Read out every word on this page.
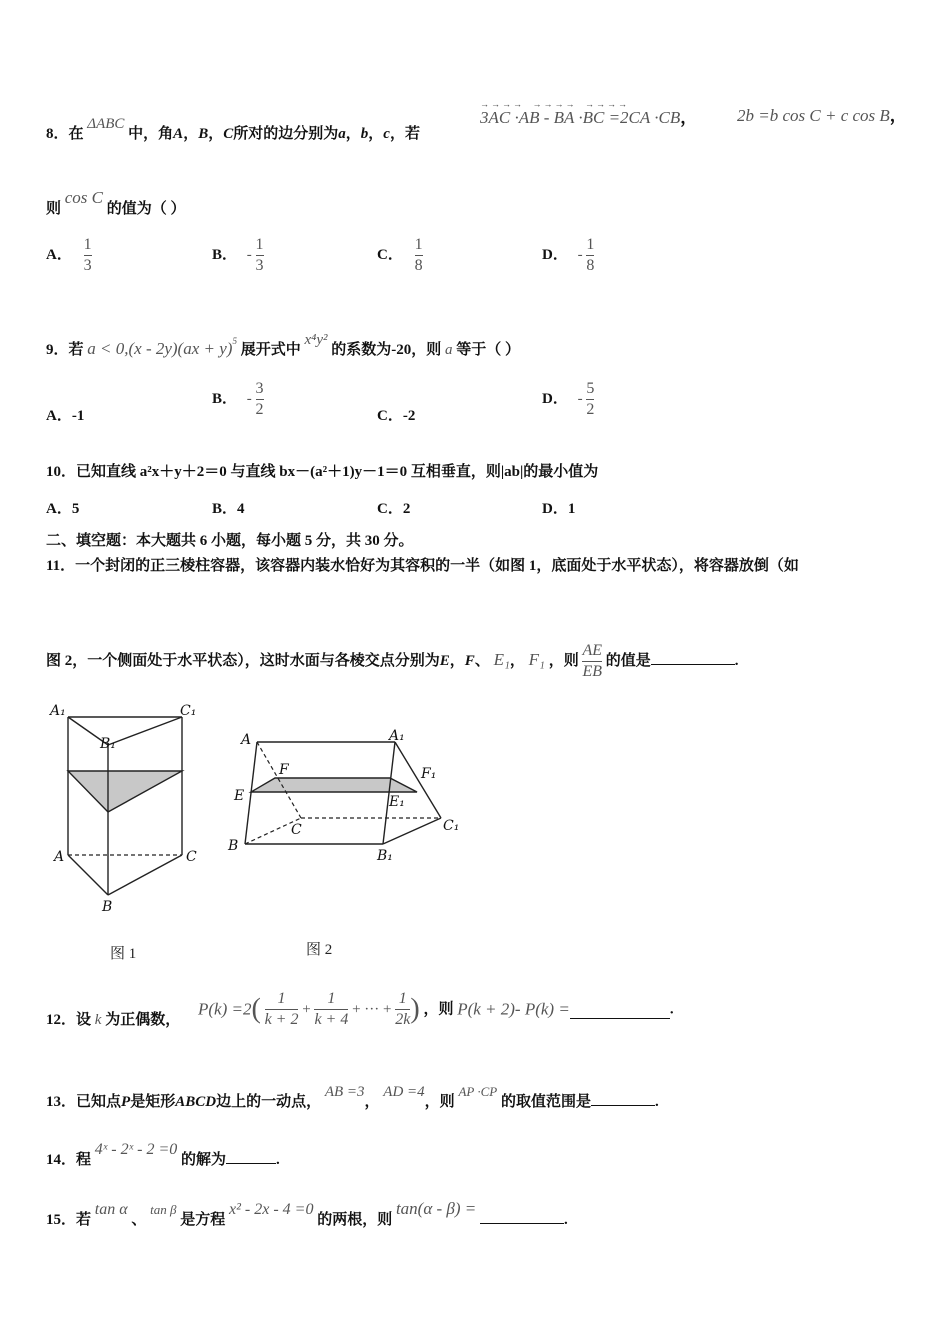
8．在 ΔABC 中，角A，B，C所对的边分别为a，b，c，若
→→→→  →→→→  →→→→
3AC ·AB - BA ·BC =2CA ·CB， 2b =b cos C + c cos B，
则 cos C 的值为（ ）
A． $\frac{1}{3}$	B． - $\frac{1}{3}$	C． $\frac{1}{8}$	D． - $\frac{1}{8}$
9．若 a < 0,(x - 2y)(ax + y)$^5$ 展开式中 x⁴y² 的系数为-20，则 a 等于（ ）
A．-1
B． - $\frac{3}{2}$	C．-2
D． - $\frac{5}{2}$
10．已知直线 a²x＋y＋2＝0 与直线 bx－(a²＋1)y－1＝0 互相垂直，则|ab|的最小值为
A．5	B．4	C．2	D．1
二、填空题：本大题共 6 小题，每小题 5 分，共 30 分。
11．一个封闭的正三棱柱容器，该容器内装水恰好为其容积的一半（如图 1，底面处于水平状态），将容器放倒（如
图 2，一个侧面处于水平状态），这时水面与各棱交点分别为E，F、 E₁， F₁ ，则 $\frac{AE}{EB}$ 的值是	.
A₁
B₁
C₁
A
B
C
图 1
A	A₁
F	F₁
E	E₁
C	C₁
B
B₁
图 2
12．设 k 为正偶数，
$P(k) =2( \frac{1}{k + 2} + \frac{1}{k + 4}$ + ··· + $\frac{1}{2k}$ ) ，则 P(k + 2)- P(k) =	.
13．已知点P是矩形ABCD边上的一动点， AB =3， AD =4，则 AP ·CP 的取值范围是	.
14．程 4ˣ - 2ˣ - 2 =0 的解为	.
15．若 tan α 、 tan β 是方程 x² - 2x - 4 =0 的两根，则 tan(α - β) = .
